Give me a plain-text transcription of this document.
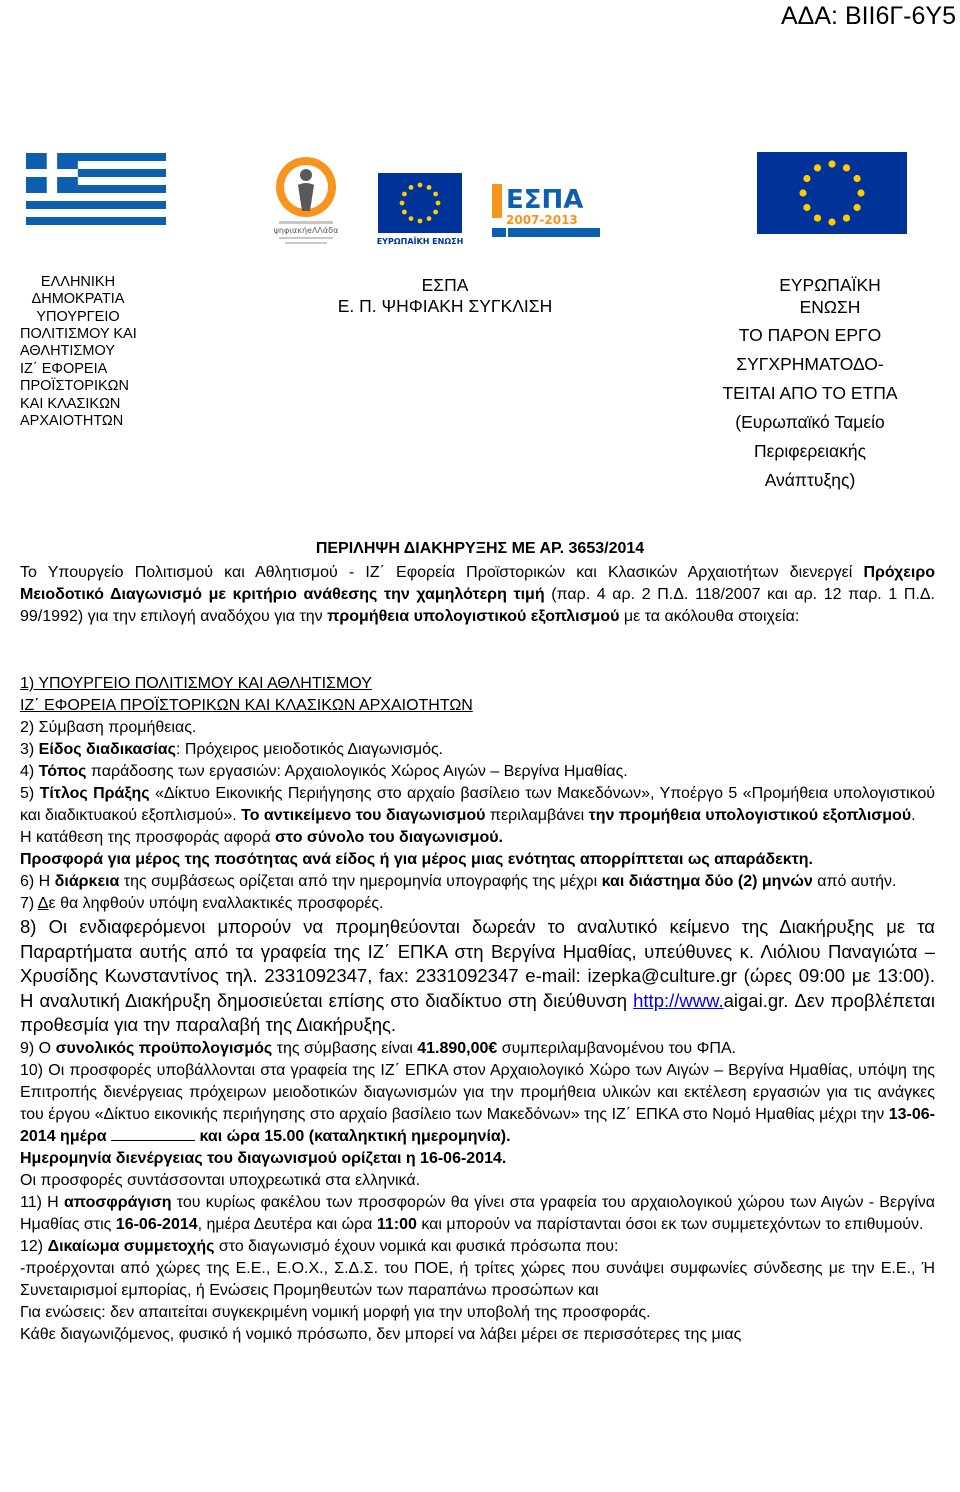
ΑΔΑ: ΒΙΙ6Γ-6Υ5
ψηφιακήeΛΛάδα
ΕΥΡΩΠΑΪΚΗ ΕΝΩΣΗ
ΕΣΠΑ
2007-2013
ΕΛΛΗΝΙΚΗ
ΔΗΜΟΚΡΑΤΙΑ
ΥΠΟΥΡΓΕΙΟ
ΠΟΛΙΤΙΣΜΟΥ ΚΑΙ
ΑΘΛΗΤΙΣΜΟΥ
ΙΖ΄ ΕΦΟΡΕΙΑ
ΠΡΟΪΣΤΟΡΙΚΩΝ
ΚΑΙ ΚΛΑΣΙΚΩΝ
ΑΡΧΑΙΟΤΗΤΩΝ
ΕΣΠΑ
Ε. Π. ΨΗΦΙΑΚΗ ΣΥΓΚΛΙΣΗ
ΕΥΡΩΠΑΪΚΗ
ΕΝΩΣΗ
ΤΟ ΠΑΡΟΝ ΕΡΓΟ
ΣΥΓΧΡΗΜΑΤΟΔΟ-
ΤΕΙΤΑΙ ΑΠΟ ΤΟ ΕΤΠΑ
(Ευρωπαϊκό Ταμείο
Περιφερειακής
Ανάπτυξης)
ΠΕΡΙΛΗΨΗ ΔΙΑΚΗΡΥΞΗΣ ΜΕ ΑΡ. 3653/2014

Το Υπουργείο Πολιτισμού και Αθλητισμού - ΙΖ΄ Εφορεία Προϊστορικών και Κλασικών Αρχαιοτήτων διενεργεί Πρόχειρο Μειοδοτικό Διαγωνισμό με κριτήριο ανάθεσης την χαμηλότερη τιμή (παρ. 4 αρ. 2 Π.Δ. 118/2007 και αρ. 12 παρ. 1 Π.Δ. 99/1992) για την επιλογή αναδόχου για την προμήθεια υπολογιστικού εξοπλισμού με τα ακόλουθα στοιχεία:

1) ΥΠΟΥΡΓΕΙΟ ΠΟΛΙΤΙΣΜΟΥ ΚΑΙ ΑΘΛΗΤΙΣΜΟΥ

ΙΖ΄ ΕΦΟΡΕΙΑ ΠΡΟΪΣΤΟΡΙΚΩΝ ΚΑΙ ΚΛΑΣΙΚΩΝ ΑΡΧΑΙΟΤΗΤΩΝ

2) Σύμβαση προμήθειας.

3) Είδος διαδικασίας: Πρόχειρος μειοδοτικός Διαγωνισμός.

4) Τόπος παράδοσης των εργασιών: Αρχαιολογικός Χώρος Αιγών – Βεργίνα Ημαθίας.

5) Τίτλος Πράξης «Δίκτυο Εικονικής Περιήγησης στο αρχαίο βασίλειο των Μακεδόνων», Υποέργο 5 «Προμήθεια υπολογιστικού και διαδικτυακού εξοπλισμού». Το αντικείμενο του διαγωνισμού περιλαμβάνει την προμήθεια υπολογιστικού εξοπλισμού.

Η κατάθεση της προσφοράς αφορά στο σύνολο του διαγωνισμού.

Προσφορά για μέρος της ποσότητας ανά είδος ή για μέρος μιας ενότητας απορρίπτεται ως απαράδεκτη.

6) Η διάρκεια της συμβάσεως ορίζεται από την ημερομηνία υπογραφής της μέχρι και διάστημα δύο (2) μηνών από αυτήν.

7) Δε θα ληφθούν υπόψη εναλλακτικές προσφορές.

8) Οι ενδιαφερόμενοι μπορούν να προμηθεύονται δωρεάν το αναλυτικό κείμενο της Διακήρυξης με τα Παραρτήματα αυτής από τα γραφεία της ΙΖ΄ ΕΠΚΑ στη Βεργίνα Ημαθίας, υπεύθυνες κ. Λιόλιου Παναγιώτα – Χρυσίδης Κωνσταντίνος τηλ. 2331092347, fax: 2331092347 e-mail: izepka@culture.gr (ώρες 09:00 με 13:00). Η αναλυτική Διακήρυξη δημοσιεύεται επίσης στο διαδίκτυο στη διεύθυνση http://www.aigai.gr. Δεν προβλέπεται προθεσμία για την παραλαβή της Διακήρυξης.

9) Ο συνολικός προϋπολογισμός της σύμβασης είναι 41.890,00€ συμπεριλαμβανομένου του ΦΠΑ.

10) Οι προσφορές υποβάλλονται στα γραφεία της ΙΖ΄ ΕΠΚΑ στον Αρχαιολογικό Χώρο των Αιγών – Βεργίνα Ημαθίας, υπόψη της Επιτροπής διενέργειας πρόχειρων μειοδοτικών διαγωνισμών για την προμήθεια υλικών και εκτέλεση εργασιών για τις ανάγκες του έργου «Δίκτυο εικονικής περιήγησης στο αρχαίο βασίλειο των Μακεδόνων» της ΙΖ΄ ΕΠΚΑ στο Νομό Ημαθίας μέχρι την 13-06-2014 ημέρα	και ώρα 15.00 (καταληκτική ημερομηνία).

Ημερομηνία διενέργειας του διαγωνισμού ορίζεται η 16-06-2014.

Οι προσφορές συντάσσονται υποχρεωτικά στα ελληνικά.

11) Η αποσφράγιση του κυρίως φακέλου των προσφορών θα γίνει στα γραφεία του αρχαιολογικού χώρου των Αιγών - Βεργίνα Ημαθίας στις 16-06-2014, ημέρα Δευτέρα και ώρα 11:00 και μπορούν να παρίστανται όσοι εκ των συμμετεχόντων το επιθυμούν.

12) Δικαίωμα συμμετοχής στο διαγωνισμό έχουν νομικά και φυσικά πρόσωπα που:

-προέρχονται από χώρες της Ε.Ε., Ε.Ο.Χ., Σ.Δ.Σ. του ΠΟΕ, ή τρίτες χώρες που συνάψει συμφωνίες σύνδεσης με την Ε.Ε., Ή Συνεταιρισμοί εμπορίας, ή Ενώσεις Προμηθευτών των παραπάνω προσώπων και

Για ενώσεις: δεν απαιτείται συγκεκριμένη νομική μορφή για την υποβολή της προσφοράς.

Κάθε διαγωνιζόμενος, φυσικό ή νομικό πρόσωπο, δεν μπορεί να λάβει μέρει σε περισσότερες της μιας
